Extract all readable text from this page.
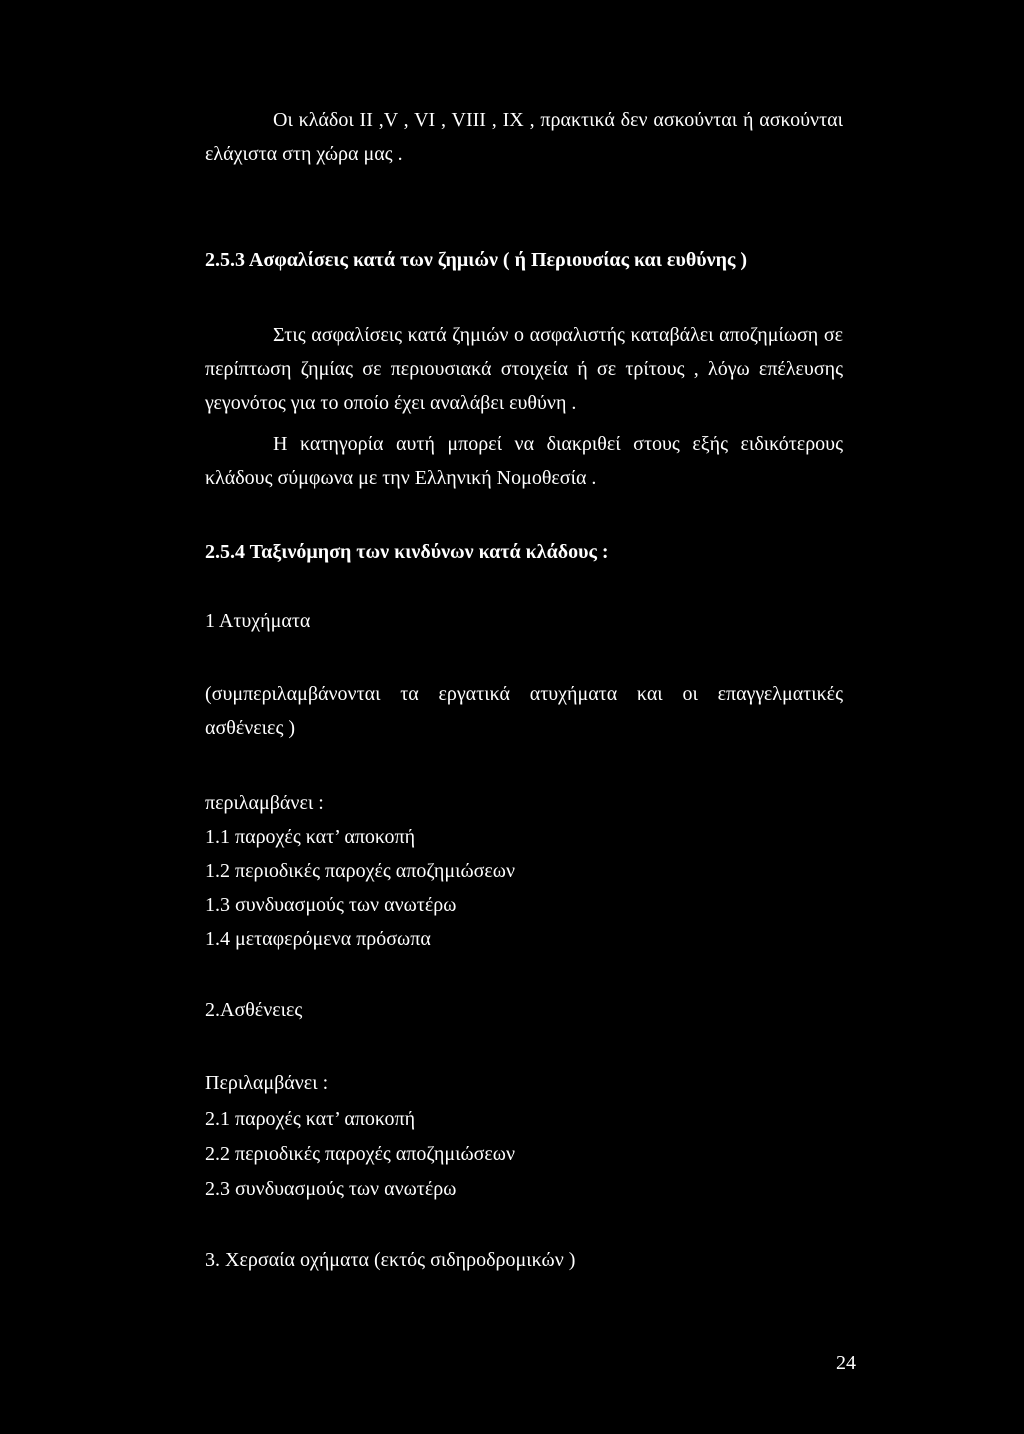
Οι κλάδοι II ,V , VI , VIII , IX , πρακτικά δεν ασκούνται ή ασκούνται ελάχιστα στη χώρα μας .

2.5.3 Ασφαλίσεις κατά των ζημιών ( ή Περιουσίας και ευθύνης )

Στις ασφαλίσεις κατά ζημιών ο ασφαλιστής καταβάλει αποζημίωση σε περίπτωση ζημίας σε περιουσιακά στοιχεία ή σε τρίτους , λόγω επέλευσης γεγονότος για το οποίο έχει αναλάβει ευθύνη .

Η κατηγορία αυτή μπορεί να διακριθεί στους εξής ειδικότερους κλάδους σύμφωνα με την Ελληνική Νομοθεσία .

2.5.4 Ταξινόμηση των κινδύνων κατά κλάδους :

1 Ατυχήματα
(συμπεριλαμβάνονται τα εργατικά ατυχήματα και οι επαγγελματικές
ασθένειες )
περιλαμβάνει :
1.1 παροχές κατ’ αποκοπή
1.2 περιοδικές παροχές αποζημιώσεων
1.3 συνδυασμούς των ανωτέρω
1.4 μεταφερόμενα πρόσωπα
2.Ασθένειες
Περιλαμβάνει :
2.1 παροχές κατ’ αποκοπή
2.2 περιοδικές παροχές αποζημιώσεων
2.3 συνδυασμούς των ανωτέρω
3. Χερσαία οχήματα (εκτός σιδηροδρομικών )
24
